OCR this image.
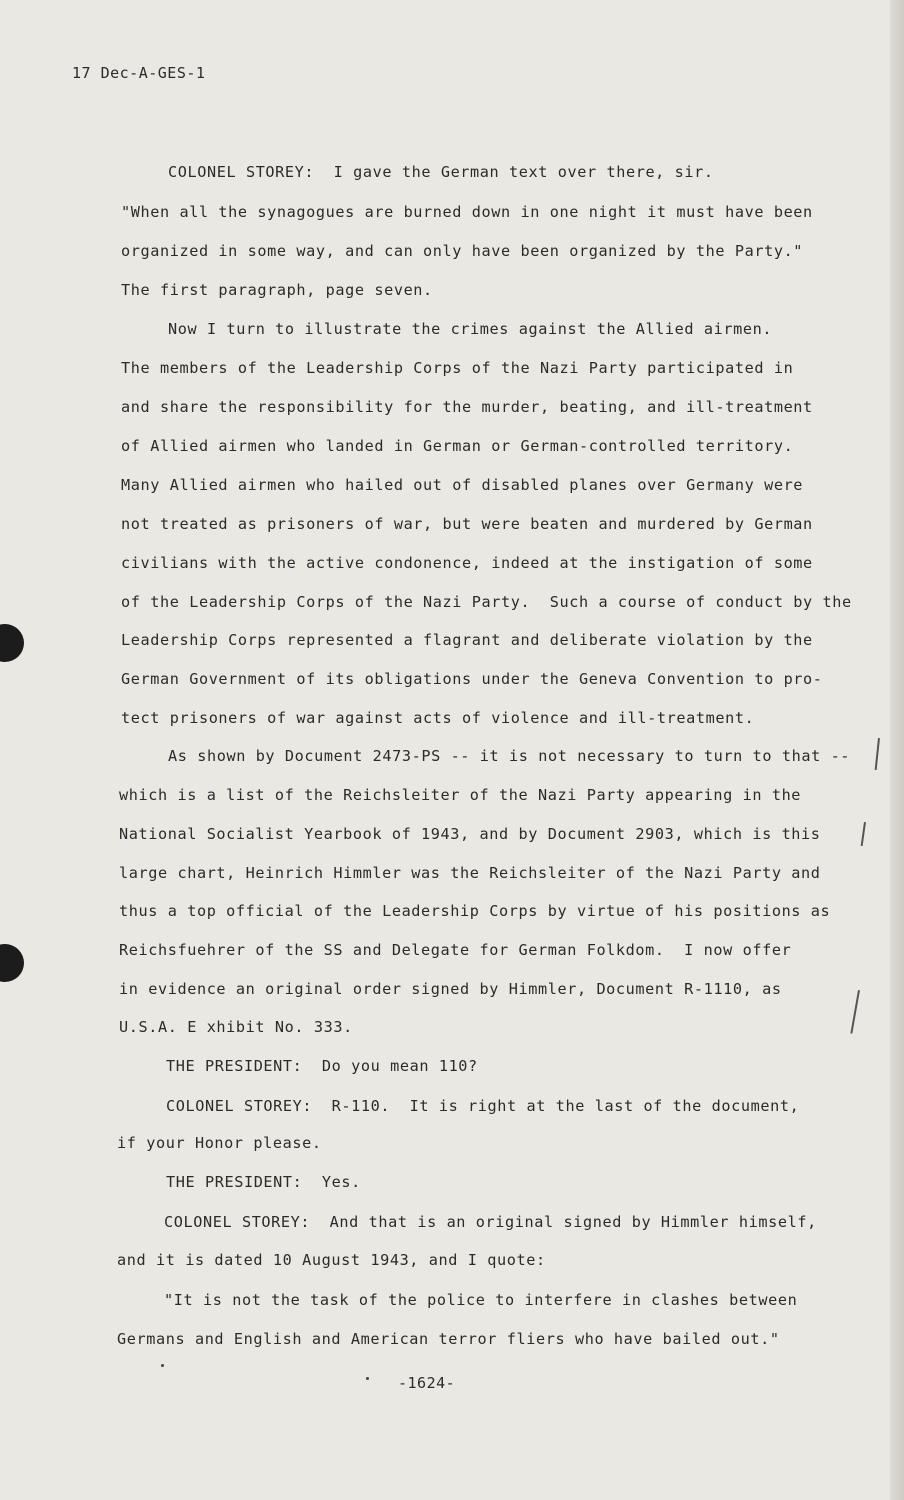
17 Dec-A-GES-1
COLONEL STOREY:  I gave the German text over there, sir.
"When all the synagogues are burned down in one night it must have been
organized in some way, and can only have been organized by the Party."
The first paragraph, page seven.
Now I turn to illustrate the crimes against the Allied airmen.
The members of the Leadership Corps of the Nazi Party participated in
and share the responsibility for the murder, beating, and ill-treatment
of Allied airmen who landed in German or German-controlled territory.
Many Allied airmen who hailed out of disabled planes over Germany were
not treated as prisoners of war, but were beaten and murdered by German
civilians with the active condonence, indeed at the instigation of some
of the Leadership Corps of the Nazi Party.  Such a course of conduct by the
Leadership Corps represented a flagrant and deliberate violation by the
German Government of its obligations under the Geneva Convention to pro-
tect prisoners of war against acts of violence and ill-treatment.
As shown by Document 2473-PS -- it is not necessary to turn to that --
which is a list of the Reichsleiter of the Nazi Party appearing in the
National Socialist Yearbook of 1943, and by Document 2903, which is this
large chart, Heinrich Himmler was the Reichsleiter of the Nazi Party and
thus a top official of the Leadership Corps by virtue of his positions as
Reichsfuehrer of the SS and Delegate for German Folkdom.  I now offer
in evidence an original order signed by Himmler, Document R-1110, as
U.S.A. E xhibit No. 333.
THE PRESIDENT:  Do you mean 110?
COLONEL STOREY:  R-110.  It is right at the last of the document,
if your Honor please.
THE PRESIDENT:  Yes.
COLONEL STOREY:  And that is an original signed by Himmler himself,
and it is dated 10 August 1943, and I quote:
"It is not the task of the police to interfere in clashes between
Germans and English and American terror fliers who have bailed out."
-1624-
